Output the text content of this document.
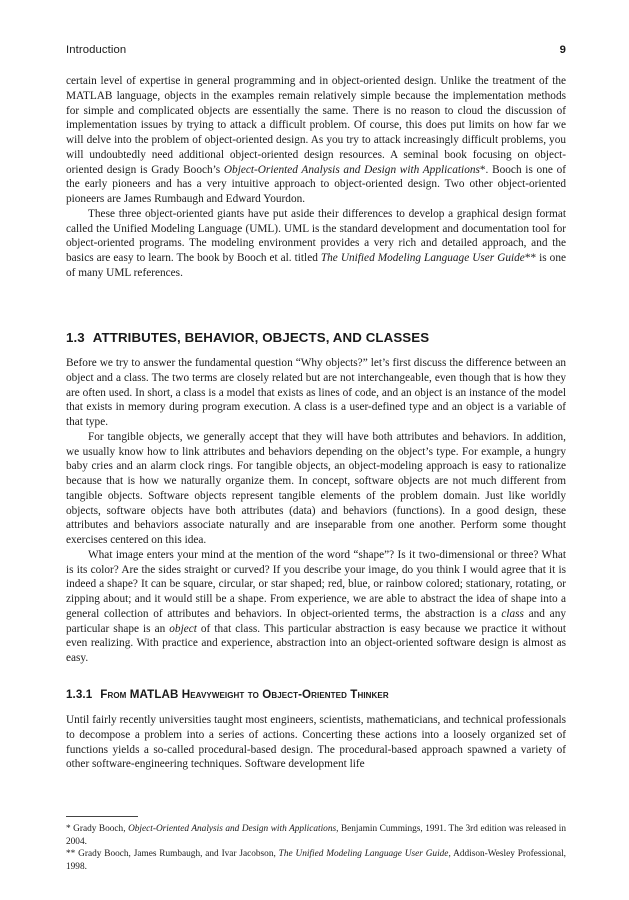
Introduction	9

certain level of expertise in general programming and in object-oriented design. Unlike the treatment of the MATLAB language, objects in the examples remain relatively simple because the implementation methods for simple and complicated objects are essentially the same. There is no reason to cloud the discussion of implementation issues by trying to attack a difficult problem. Of course, this does put limits on how far we will delve into the problem of object-oriented design. As you try to attack increasingly difficult problems, you will undoubtedly need additional object-oriented design resources. A seminal book focusing on object-oriented design is Grady Booch’s Object-Oriented Analysis and Design with Applications*. Booch is one of the early pioneers and has a very intuitive approach to object-oriented design. Two other object-oriented pioneers are James Rumbaugh and Edward Yourdon.

These three object-oriented giants have put aside their differences to develop a graphical design format called the Unified Modeling Language (UML). UML is the standard development and documentation tool for object-oriented programs. The modeling environment provides a very rich and detailed approach, and the basics are easy to learn. The book by Booch et al. titled The Unified Modeling Language User Guide** is one of many UML references.

1.3 ATTRIBUTES, BEHAVIOR, OBJECTS, AND CLASSES

Before we try to answer the fundamental question “Why objects?” let’s first discuss the difference between an object and a class. The two terms are closely related but are not interchangeable, even though that is how they are often used. In short, a class is a model that exists as lines of code, and an object is an instance of the model that exists in memory during program execution. A class is a user-defined type and an object is a variable of that type.

For tangible objects, we generally accept that they will have both attributes and behaviors. In addition, we usually know how to link attributes and behaviors depending on the object’s type. For example, a hungry baby cries and an alarm clock rings. For tangible objects, an object-modeling approach is easy to rationalize because that is how we naturally organize them. In concept, software objects are not much different from tangible objects. Software objects represent tangible elements of the problem domain. Just like worldly objects, software objects have both attributes (data) and behaviors (functions). In a good design, these attributes and behaviors associate naturally and are inseparable from one another. Perform some thought exercises centered on this idea.

What image enters your mind at the mention of the word “shape”? Is it two-dimensional or three? What is its color? Are the sides straight or curved? If you describe your image, do you think I would agree that it is indeed a shape? It can be square, circular, or star shaped; red, blue, or rainbow colored; stationary, rotating, or zipping about; and it would still be a shape. From experience, we are able to abstract the idea of shape into a general collection of attributes and behaviors. In object-oriented terms, the abstraction is a class and any particular shape is an object of that class. This particular abstraction is easy because we practice it without even realizing. With practice and experience, abstraction into an object-oriented software design is almost as easy.

1.3.1 From MATLAB Heavyweight to Object-Oriented Thinker

Until fairly recently universities taught most engineers, scientists, mathematicians, and technical professionals to decompose a problem into a series of actions. Concerting these actions into a loosely organized set of functions yields a so-called procedural-based design. The procedural-based approach spawned a variety of other software-engineering techniques. Software development life

* Grady Booch, Object-Oriented Analysis and Design with Applications, Benjamin Cummings, 1991. The 3rd edition was released in 2004.

** Grady Booch, James Rumbaugh, and Ivar Jacobson, The Unified Modeling Language User Guide, Addison-Wesley Professional, 1998.
